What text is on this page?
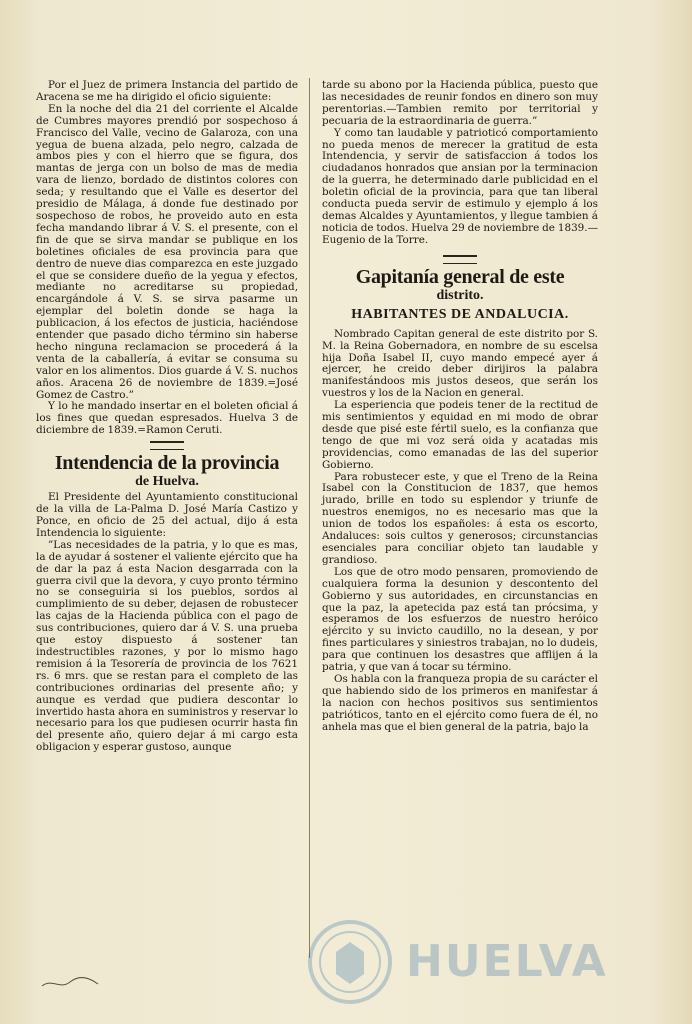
Por el Juez de primera Instancia del partido de Aracena se me ha dirigido el oficio siguiente:

En la noche del dia 21 del corriente el Alcalde de Cumbres mayores prendió por sospechoso á Francisco del Valle, vecino de Galaroza, con una yegua de buena alzada, pelo negro, calzada de ambos pies y con el hierro que se figura, dos mantas de jerga con un bolso de mas de media vara de lienzo, bordado de distintos colores con seda; y resultando que el Valle es desertor del presidio de Málaga, á donde fue destinado por sospechoso de robos, he proveido auto en esta fecha mandando librar á V. S. el presente, con el fin de que se sirva mandar se publique en los boletines oficiales de esa provincia para que dentro de nueve dias comparezca en este juzgado el que se considere dueño de la yegua y efectos, mediante no acreditarse su propiedad, encargándole á V. S. se sirva pasarme un ejemplar del boletin donde se haga la publicacion, á los efectos de justicia, haciéndose entender que pasado dicho término sin haberse hecho ninguna reclamacion se procederá á la venta de la caballería, á evitar se consuma su valor en los alimentos. Dios guarde á V. S. nuchos años. Aracena 26 de noviembre de 1839.=José Gomez de Castro.”

Y lo he mandado insertar en el boleten oficial á los fines que quedan espresados. Huelva 3 de diciembre de 1839.=Ramon Ceruti.

Intendencia de la provincia
de Huelva.

El Presidente del Ayuntamiento constitucional de la villa de La-Palma D. José María Castizo y Ponce, en oficio de 25 del actual, dijo á esta Intendencia lo siguiente:

”Las necesidades de la patria, y lo que es mas, la de ayudar á sostener el valiente ejército que ha de dar la paz á esta Nacion desgarrada con la guerra civil que la devora, y cuyo pronto término no se conseguiria si los pueblos, sordos al cumplimiento de su deber, dejasen de robustecer las cajas de la Hacienda pública con el pago de sus contribuciones, quiero dar á V. S. una prueba que estoy dispuesto á sostener tan indestructibles razones, y por lo mismo hago remision á la Tesorería de provincia de los 7621 rs. 6 mrs. que se restan para el completo de las contribuciones ordinarias del presente año; y aunque es verdad que pudiera descontar lo invertido hasta ahora en suministros y reservar lo necesario para los que pudiesen ocurrir hasta fin del presente año, quiero dejar á mi cargo esta obligacion y esperar gustoso, aunque

tarde su abono por la Hacienda pública, puesto que las necesidades de reunir fondos en dinero son muy perentorias.—Tambien remito por territorial y pecuaria de la estraordinaria de guerra.”

Y como tan laudable y patrioticó comportamiento no pueda menos de merecer la gratitud de esta Intendencia, y servir de satisfaccion á todos los ciudadanos honrados que ansian por la terminacion de la guerra, he determinado darle publicidad en el boletin oficial de la provincia, para que tan liberal conducta pueda servir de estimulo y ejemplo á los demas Alcaldes y Ayuntamientos, y llegue tambien á noticia de todos. Huelva 29 de noviembre de 1839.—Eugenio de la Torre.

Gapitanía general de este
distrito.
HABITANTES DE ANDALUCIA.

Nombrado Capitan general de este distrito por S. M. la Reina Gobernadora, en nombre de su escelsa hija Doña Isabel II, cuyo mando empecé ayer á ejercer, he creido deber dirijiros la palabra manifestándoos mis justos deseos, que serán los vuestros y los de la Nacion en general.

La esperiencia que podeis tener de la rectitud de mis sentimientos y equidad en mi modo de obrar desde que pisé este fértil suelo, es la confianza que tengo de que mi voz será oida y acatadas mis providencias, como emanadas de las del superior Gobierno.

Para robustecer este, y que el Treno de la Reina Isabel con la Constitucion de 1837, que hemos jurado, brille en todo su esplendor y triunfe de nuestros enemigos, no es necesario mas que la union de todos los españoles: á esta os escorto, Andaluces: sois cultos y generosos; circunstancias esenciales para conciliar objeto tan laudable y grandioso.

Los que de otro modo pensaren, promoviendo de cualquiera forma la desunion y descontento del Gobierno y sus autoridades, en circunstancias en que la paz, la apetecida paz está tan prócsima, y esperamos de los esfuerzos de nuestro heróico ejército y su invicto caudillo, no la desean, y por fines particulares y siniestros trabajan, no lo dudeis, para que continuen los desastres que afflijen á la patria, y que van á tocar su término.

Os habla con la franqueza propia de su carácter el que habiendo sido de los primeros en manifestar á la nacion con hechos positivos sus sentimientos patrióticos, tanto en el ejército como fuera de él, no anhela mas que el bien general de la patria, bajo la

HUELVA
